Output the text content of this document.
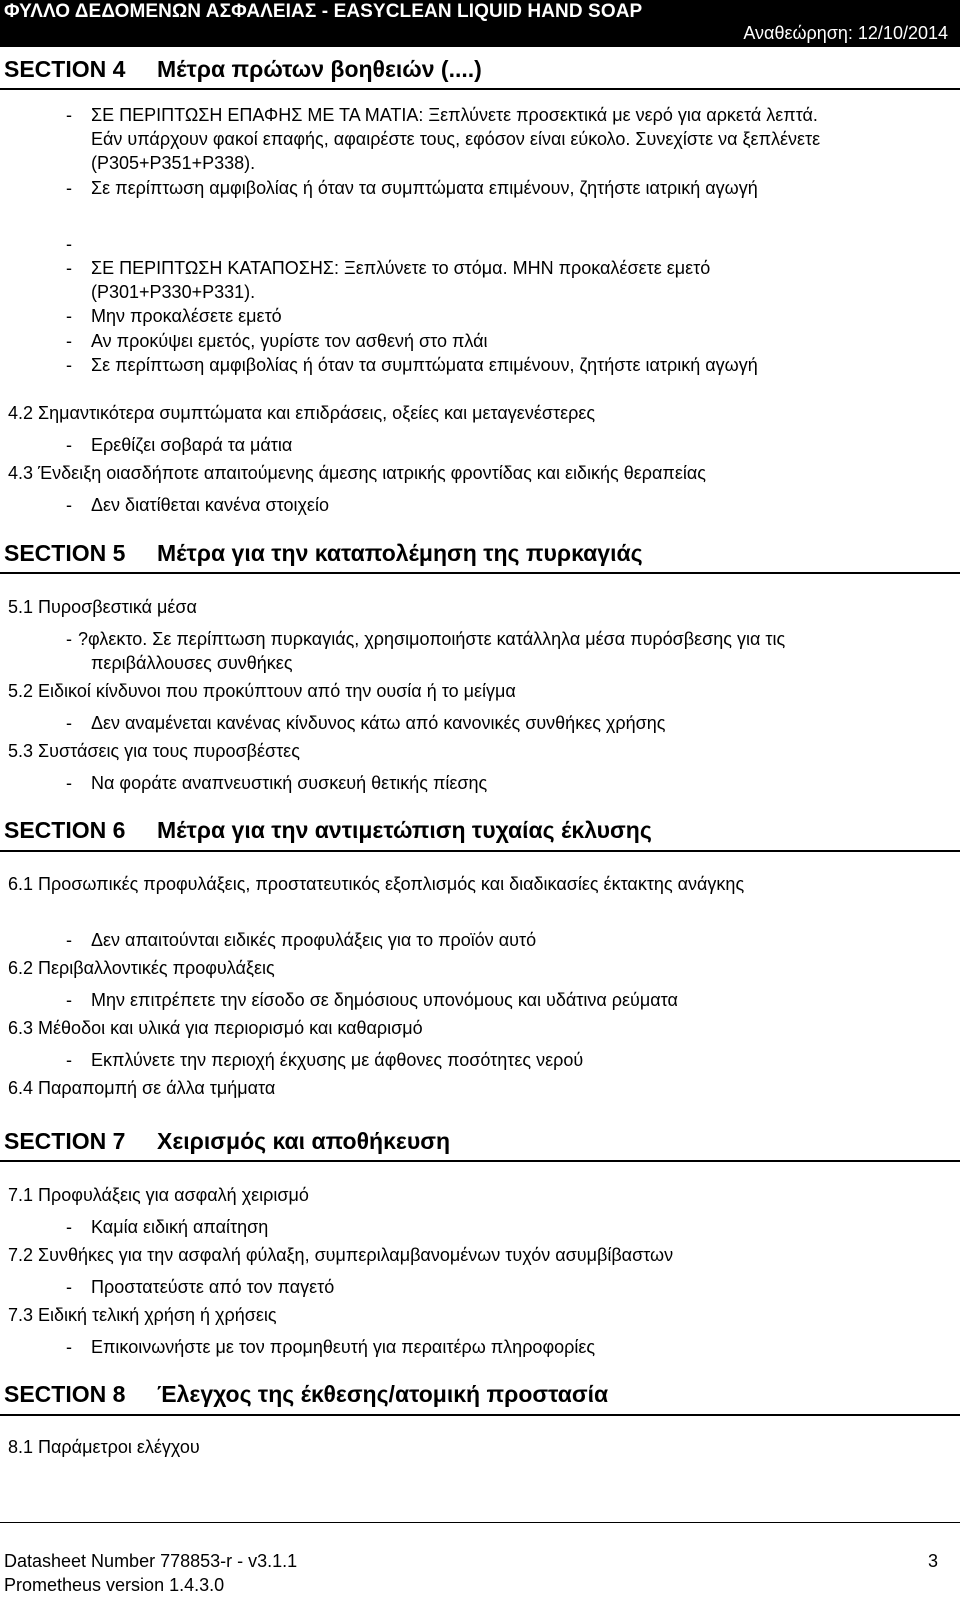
ΦΥΛΛΟ ΔΕΔΟΜΕΝΩΝ ΑΣΦΑΛΕΙΑΣ - EASYCLEAN LIQUID HAND SOAP
Αναθεώρηση: 12/10/2014
SECTION 4 Μέτρα πρώτων βοηθειών (....)
- ΣΕ ΠΕΡΙΠΤΩΣΗ ΕΠΑΦΗΣ ΜΕ ΤΑ ΜΑΤΙΑ: Ξεπλύνετε προσεκτικά με νερό για αρκετά λεπτά.
Εάν υπάρχουν φακοί επαφής, αφαιρέστε τους, εφόσον είναι εύκολο. Συνεχίστε να ξεπλένετε
(P305+P351+P338).
- Σε περίπτωση αμφιβολίας ή όταν τα συμπτώματα επιμένουν, ζητήστε ιατρική αγωγή
-
- ΣΕ ΠΕΡΙΠΤΩΣΗ ΚΑΤΑΠΟΣΗΣ: Ξεπλύνετε το στόμα. ΜΗΝ προκαλέσετε εμετό
(P301+P330+P331).
- Μην προκαλέσετε εμετό
- Αν προκύψει εμετός, γυρίστε τον ασθενή στο πλάι
- Σε περίπτωση αμφιβολίας ή όταν τα συμπτώματα επιμένουν, ζητήστε ιατρική αγωγή
4.2 Σημαντικότερα συμπτώματα και επιδράσεις, οξείες και μεταγενέστερες
- Ερεθίζει σοβαρά τα μάτια
4.3 Ένδειξη οιασδήποτε απαιτούμενης άμεσης ιατρικής φροντίδας και ειδικής θεραπείας
- Δεν διατίθεται κανένα στοιχείο
SECTION 5 Μέτρα για την καταπολέμηση της πυρκαγιάς
5.1 Πυροσβεστικά μέσα
- ?φλεκτο. Σε περίπτωση πυρκαγιάς, χρησιμοποιήστε κατάλληλα μέσα πυρόσβεσης για τις
περιβάλλουσες συνθήκες
5.2 Ειδικοί κίνδυνοι που προκύπτουν από την ουσία ή το μείγμα
- Δεν αναμένεται κανένας κίνδυνος κάτω από κανονικές συνθήκες χρήσης
5.3 Συστάσεις για τους πυροσβέστες
- Να φοράτε αναπνευστική συσκευή θετικής πίεσης
SECTION 6 Μέτρα για την αντιμετώπιση τυχαίας έκλυσης
6.1 Προσωπικές προφυλάξεις, προστατευτικός εξοπλισμός και διαδικασίες έκτακτης ανάγκης
- Δεν απαιτούνται ειδικές προφυλάξεις για το προϊόν αυτό
6.2 Περιβαλλοντικές προφυλάξεις
- Μην επιτρέπετε την είσοδο σε δημόσιους υπονόμους και υδάτινα ρεύματα
6.3 Μέθοδοι και υλικά για περιορισμό και καθαρισμό
- Εκπλύνετε την περιοχή έκχυσης με άφθονες ποσότητες νερού
6.4 Παραπομπή σε άλλα τμήματα
SECTION 7 Χειρισμός και αποθήκευση
7.1 Προφυλάξεις για ασφαλή χειρισμό
- Καμία ειδική απαίτηση
7.2 Συνθήκες για την ασφαλή φύλαξη, συμπεριλαμβανομένων τυχόν ασυμβίβαστων
- Προστατεύστε από τον παγετό
7.3 Ειδική τελική χρήση ή χρήσεις
- Επικοινωνήστε με τον προμηθευτή για περαιτέρω πληροφορίες
SECTION 8 Έλεγχος της έκθεσης/ατομική προστασία
8.1 Παράμετροι ελέγχου
Datasheet Number 778853-r - v3.1.1
Prometheus version 1.4.3.0
3
